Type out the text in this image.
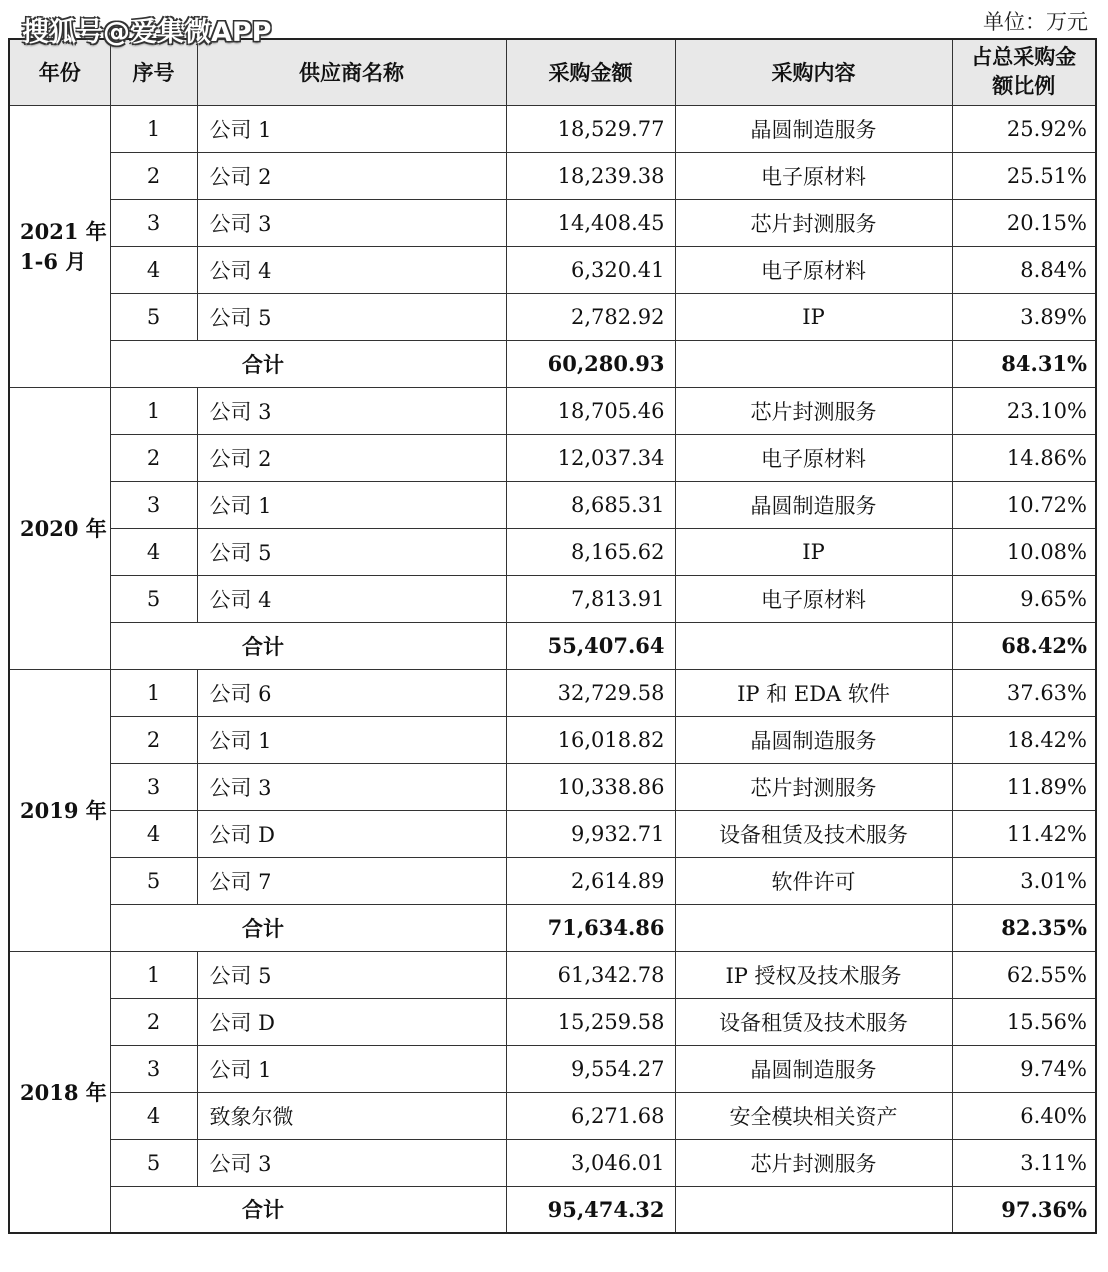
搜狐号@爱集微APP	单位：万元
年份	序号	供应商名称	采购金额	采购内容	占总采购金额比例
2021 年 1-6 月	1	公司 1	18,529.77	晶圆制造服务	25.92%
	2	公司 2	18,239.38	电子原材料	25.51%
	3	公司 3	14,408.45	芯片封测服务	20.15%
	4	公司 4	6,320.41	电子原材料	8.84%
	5	公司 5	2,782.92	IP	3.89%
	合计		60,280.93		84.31%
2020 年	1	公司 3	18,705.46	芯片封测服务	23.10%
	2	公司 2	12,037.34	电子原材料	14.86%
	3	公司 1	8,685.31	晶圆制造服务	10.72%
	4	公司 5	8,165.62	IP	10.08%
	5	公司 4	7,813.91	电子原材料	9.65%
	合计		55,407.64		68.42%
2019 年	1	公司 6	32,729.58	IP 和 EDA 软件	37.63%
	2	公司 1	16,018.82	晶圆制造服务	18.42%
	3	公司 3	10,338.86	芯片封测服务	11.89%
	4	公司 D	9,932.71	设备租赁及技术服务	11.42%
	5	公司 7	2,614.89	软件许可	3.01%
	合计		71,634.86		82.35%
2018 年	1	公司 5	61,342.78	IP 授权及技术服务	62.55%
	2	公司 D	15,259.58	设备租赁及技术服务	15.56%
	3	公司 1	9,554.27	晶圆制造服务	9.74%
	4	致象尔微	6,271.68	安全模块相关资产	6.40%
	5	公司 3	3,046.01	芯片封测服务	3.11%
	合计		95,474.32		97.36%
